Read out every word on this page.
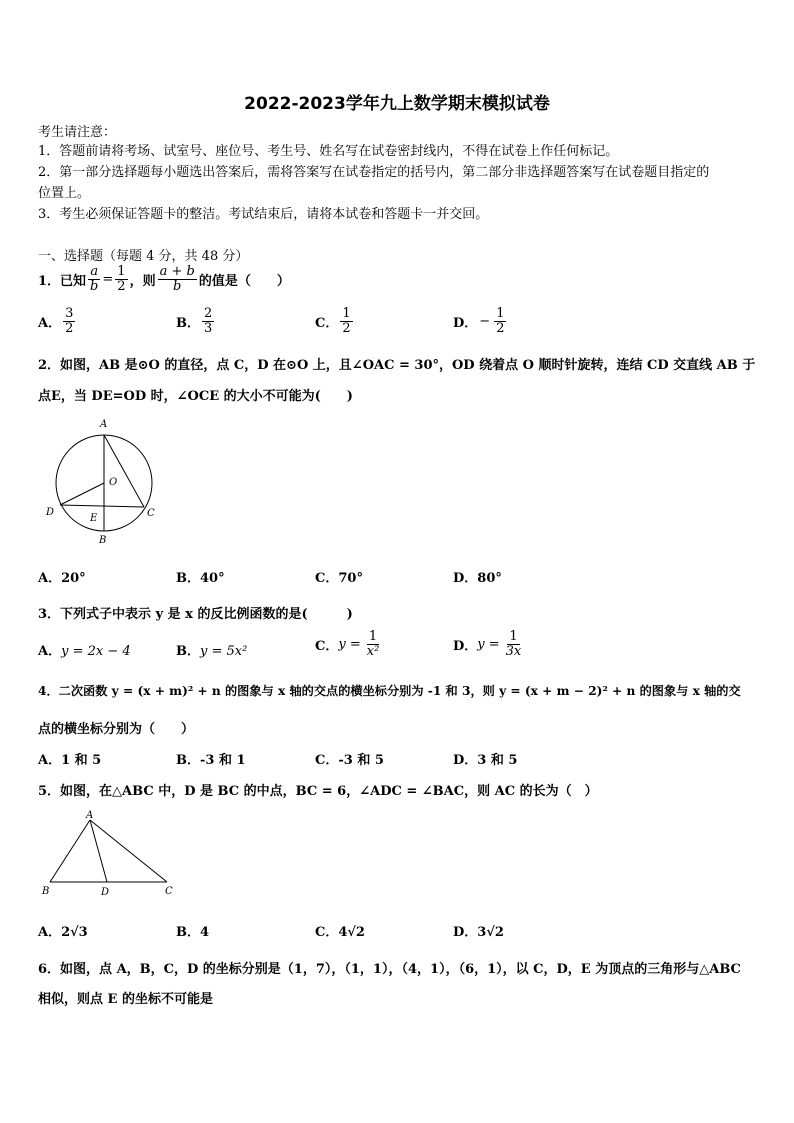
2022-2023学年九上数学期末模拟试卷
考生请注意：
1．答题前请将考场、试室号、座位号、考生号、姓名写在试卷密封线内，不得在试卷上作任何标记。
2．第一部分选择题每小题选出答案后，需将答案写在试卷指定的括号内，第二部分非选择题答案写在试卷题目指定的
位置上。
3．考生必须保证答题卡的整洁。考试结束后，请将本试卷和答题卡一并交回。
一、选择题（每题 4 分，共 48 分）
1．已知 $\frac{a}{b} = \frac{1}{2}$ ，则 $\frac{a + b}{b}$ 的值是（　　）
A． $\frac{3}{2}$	B． $\frac{2}{3}$	C． $\frac{1}{2}$	D． − $\frac{1}{2}$
2．如图，AB 是⊙O 的直径，点 C，D 在⊙O 上，且∠OAC = 30°，OD 绕着点 O 顺时针旋转，连结 CD 交直线 AB 于
点E，当 DE=OD 时，∠OCE 的大小不可能为(　　)
A
O
D
E	C
B
A．20°	B．40°	C．70°	D．80°
3．下列式子中表示 y 是 x 的反比例函数的是(　　　)
A．y = 2x − 4	B．y = 5x²	C． $y = \frac{1}{\text{x²}}$	D． $y = \frac{1}{3x}$
4．二次函数 y = (x + m)² + n 的图象与 x 轴的交点的横坐标分别为 -1 和 3，则 y = (x + m − 2)² + n 的图象与 x 轴的交
点的横坐标分别为（　　）
A．1 和 5	B．-3 和 1	C．-3 和 5	D．3 和 5
5．如图，在△ABC 中，D 是 BC 的中点，BC = 6，∠ADC = ∠BAC，则 AC 的长为（　）
A
B	D	C
A．2√3	B．4	C．4√2	D．3√2
6．如图，点 A，B，C，D 的坐标分别是（1，7），（1，1），（4，1），（6，1），以 C，D，E 为顶点的三角形与△ABC
相似，则点 E 的坐标不可能是
